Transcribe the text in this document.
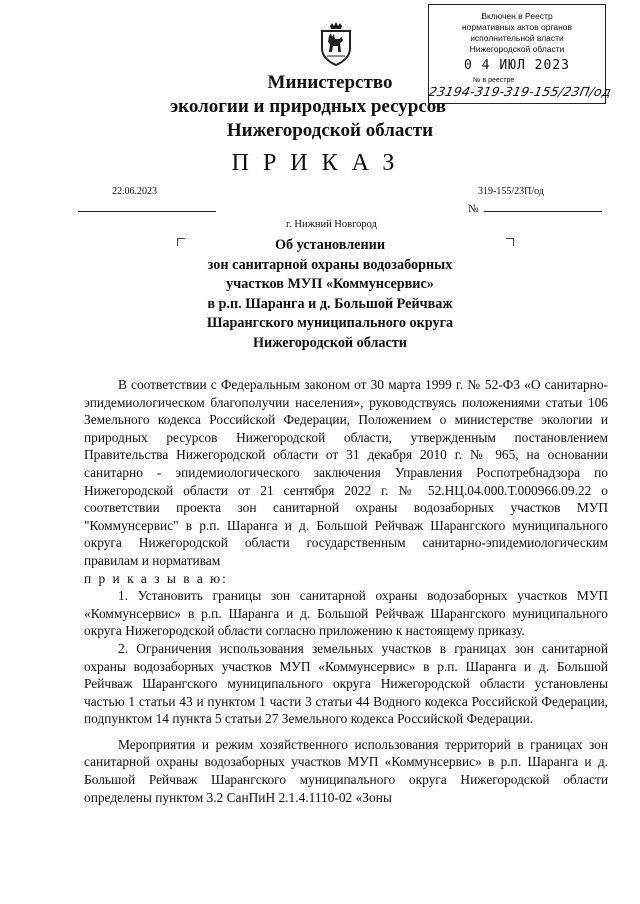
Включен в Реестр
нормативных актов органов
исполнительной власти
Нижегородской области
0 4 ИЮЛ 2023
№ в реестре
23194-319-319-155/23П/од
Министерство
экологии и природных ресурсов
Нижегородской области
ПРИКАЗ
22.06.2023	319-155/23П/од
№
г. Нижний Новгород
Об установлении
зон санитарной охраны водозаборных
участков МУП «Коммунсервис»
в р.п. Шаранга и д. Большой Рейчваж
Шарангского муниципального округа
Нижегородской области

В соответствии с Федеральным законом от 30 марта 1999 г. № 52-ФЗ «О санитарно-эпидемиологическом благополучии населения», руководствуясь положениями статьи 106 Земельного кодекса Российской Федерации, Положением о министерстве экологии и природных ресурсов Нижегородской области, утвержденным постановлением Правительства Нижегородской области от 31 декабря 2010 г. № 965, на основании санитарно - эпидемиологического заключения Управления Роспотребнадзора по Нижегородской области от 21 сентября 2022 г. № 52.НЦ.04.000.Т.000966.09.22 о соответствии проекта зон санитарной охраны водозаборных участков МУП "Коммунсервис" в р.п. Шаранга и д. Большой Рейчваж Шарангского муниципального округа Нижегородской области государственным санитарно-эпидемиологическим правилам и нормативам

п р и к а з ы в а ю:

1. Установить границы зон санитарной охраны водозаборных участков МУП «Коммунсервис» в р.п. Шаранга и д. Большой Рейчваж Шарангского муниципального округа Нижегородской области согласно приложению к настоящему приказу.

2. Ограничения использования земельных участков в границах зон санитарной охраны водозаборных участков МУП «Коммунсервис» в р.п. Шаранга и д. Большой Рейчваж Шарангского муниципального округа Нижегородской области установлены частью 1 статьи 43 и пунктом 1 части 3 статьи 44 Водного кодекса Российской Федерации, подпунктом 14 пункта 5 статьи 27 Земельного кодекса Российской Федерации.

Мероприятия и режим хозяйственного использования территорий в границах зон санитарной охраны водозаборных участков МУП «Коммунсервис» в р.п. Шаранга и д. Большой Рейчваж Шарангского муниципального округа Нижегородской области определены пунктом 3.2 СанПиН 2.1.4.1110-02 «Зоны
